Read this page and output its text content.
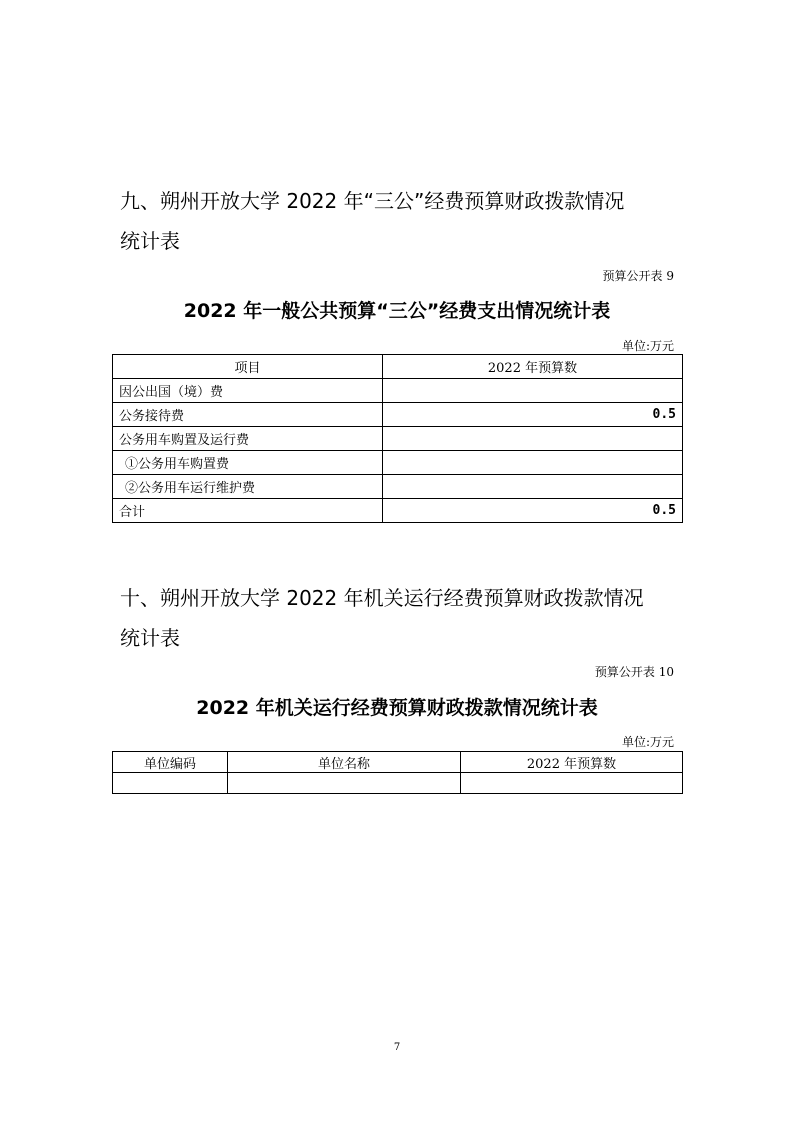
九、朔州开放大学 2022 年“三公”经费预算财政拨款情况
统计表
预算公开表 9
2022 年一般公共预算“三公”经费支出情况统计表
单位:万元
项目	2022 年预算数
因公出国（境）费	
公务接待费	0.5
公务用车购置及运行费	
①公务用车购置费	
②公务用车运行维护费	
合计	0.5
十、朔州开放大学 2022 年机关运行经费预算财政拨款情况
统计表
预算公开表 10
2022 年机关运行经费预算财政拨款情况统计表
单位:万元
单位编码	单位名称	2022 年预算数

7
